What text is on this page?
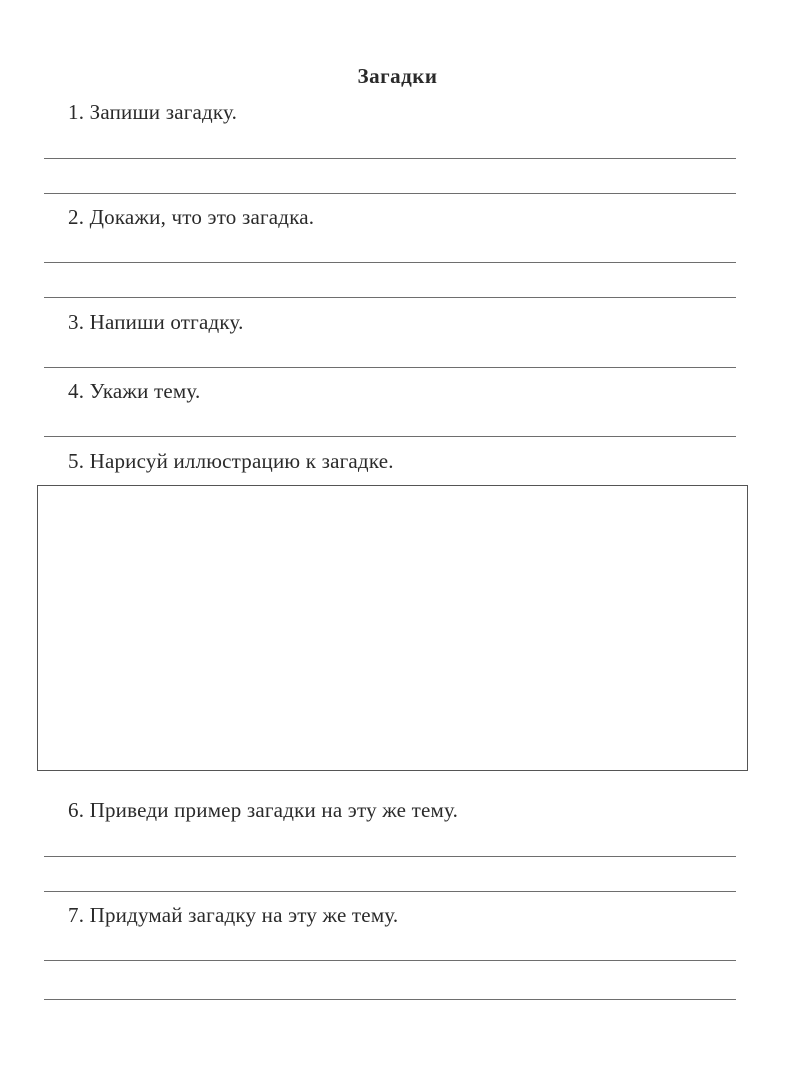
Загадки
1. Запиши загадку.
2. Докажи, что это загадка.
3. Напиши отгадку.
4. Укажи тему.
5. Нарисуй иллюстрацию к загадке.
6. Приведи пример загадки на эту же тему.
7. Придумай загадку на эту же тему.
